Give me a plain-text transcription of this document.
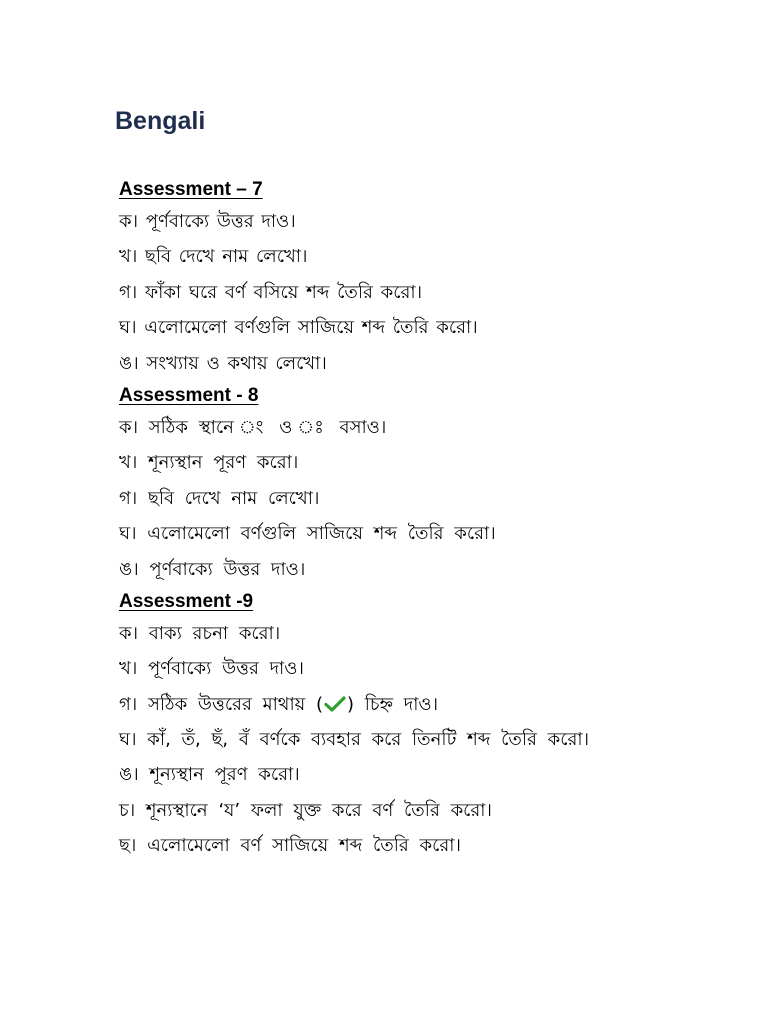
Bengali
Assessment – 7

ক। পূর্ণবাক্যে উত্তর দাও।

খ। ছবি দেখে নাম লেখো।

গ। ফাঁকা ঘরে বর্ণ বসিয়ে শব্দ তৈরি করো।

ঘ। এলোমেলো বর্ণগুলি সাজিয়ে শব্দ তৈরি করো।

ঙ। সংখ্যায় ও কথায় লেখো।

Assessment - 8

ক। সঠিক স্থানে ং ও ঃ বসাও।

খ। শূন্যস্থান পূরণ করো।

গ। ছবি দেখে নাম লেখো।

ঘ। এলোমেলো বর্ণগুলি সাজিয়ে শব্দ তৈরি করো।

ঙ। পূর্ণবাক্যে উত্তর দাও।

Assessment -9

ক। বাক্য রচনা করো।

খ। পূর্ণবাক্যে উত্তর দাও।

গ। সঠিক উত্তরের মাথায় ( ) চিহ্ন দাও।

ঘ। কাঁ, তঁ, ছঁ, বঁ বর্ণকে ব্যবহার করে তিনটি শব্দ তৈরি করো।

ঙ। শূন্যস্থান পূরণ করো।

চ। শূন্যস্থানে ‘য’ ফলা যুক্ত করে বর্ণ তৈরি করো।

ছ। এলোমেলো বর্ণ সাজিয়ে শব্দ তৈরি করো।
